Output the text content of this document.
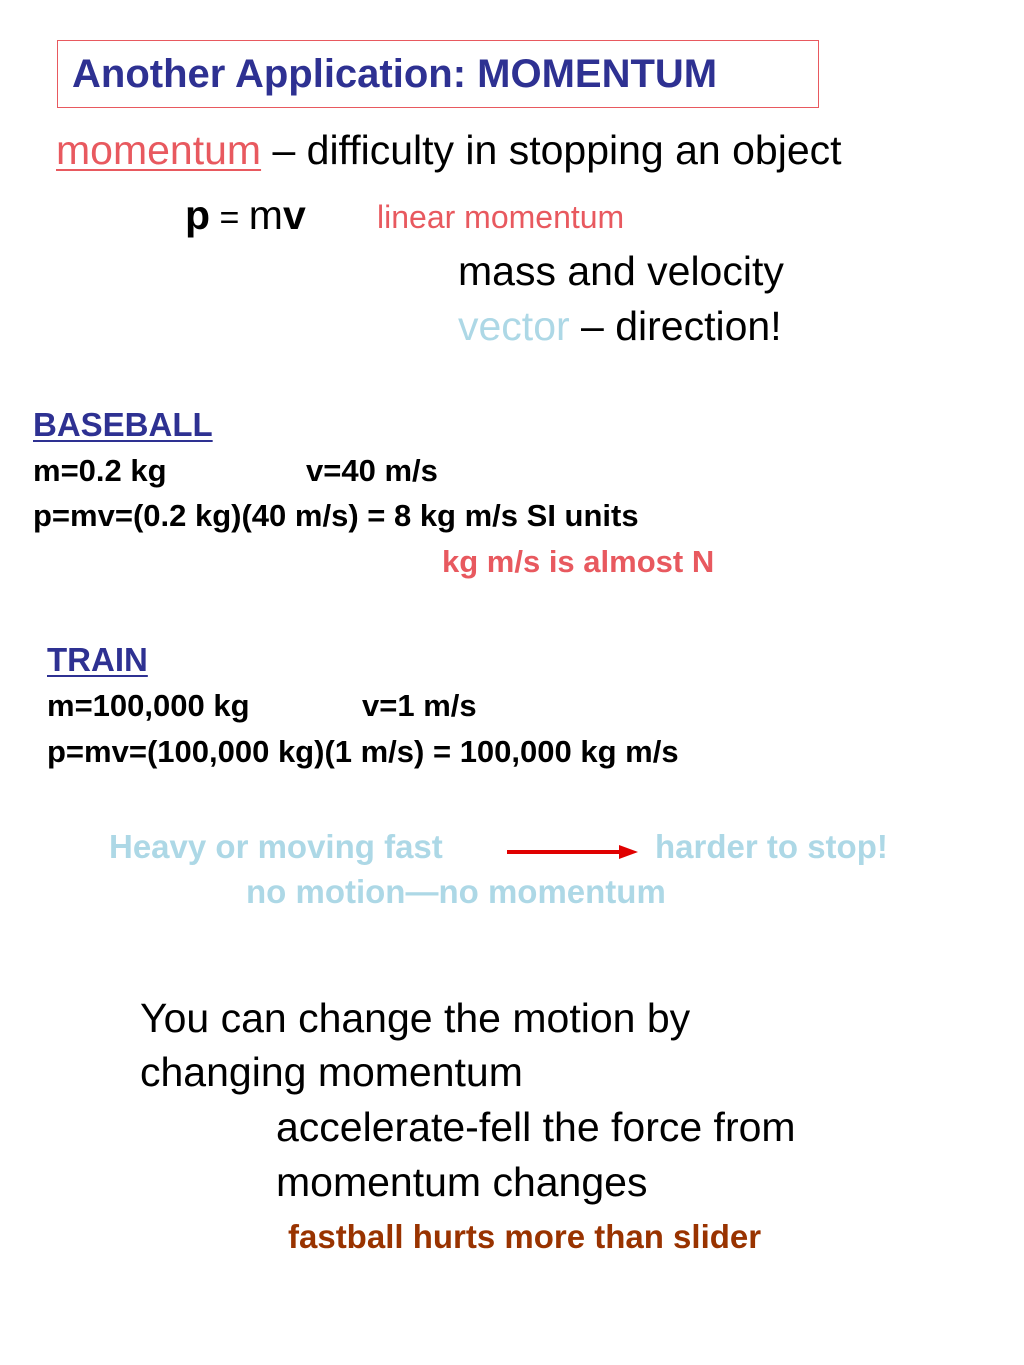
Another Application: MOMENTUM
momentum – difficulty in stopping an object
p = mv linear momentum
mass and velocity
vector – direction!
BASEBALL
m=0.2 kg	v=40 m/s
p=mv=(0.2 kg)(40 m/s) = 8 kg m/s SI units
kg m/s is almost N
TRAIN
m=100,000 kg	v=1 m/s
p=mv=(100,000 kg)(1 m/s) = 100,000 kg m/s
Heavy or moving fast	harder to stop!
no motion—no momentum
You can change the motion by
changing momentum
accelerate-fell the force from
momentum changes
fastball hurts more than slider
